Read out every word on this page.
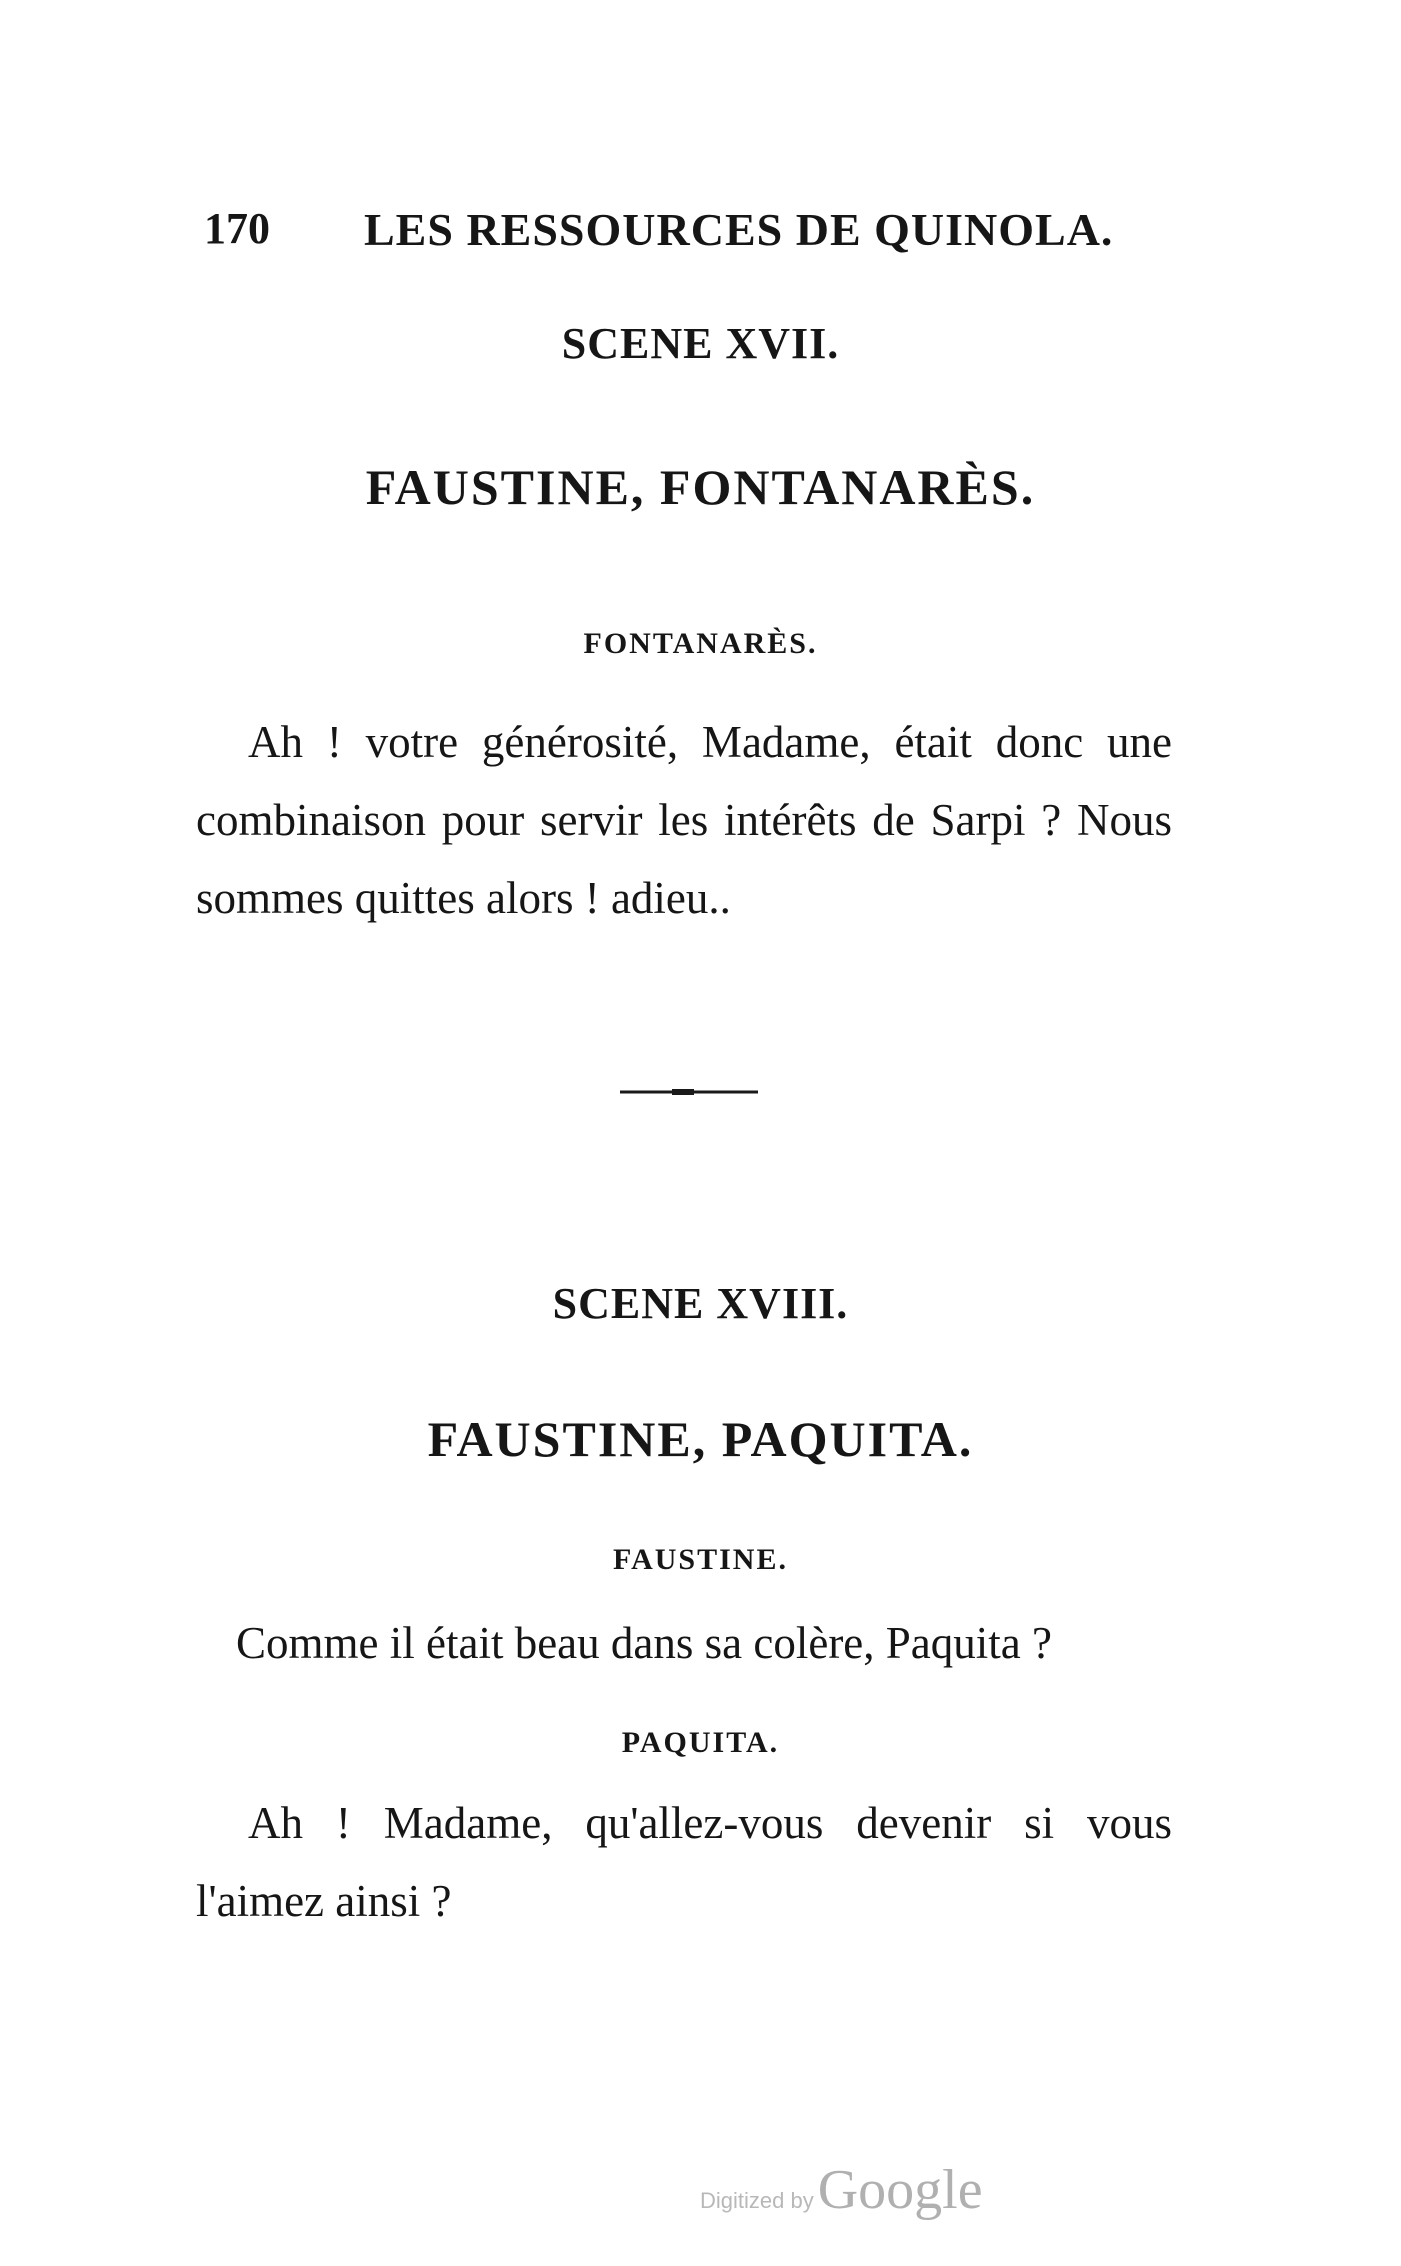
170 LES RESSOURCES DE QUINOLA.
SCENE XVII.
FAUSTINE, FONTANARÈS.
FONTANARÈS.
Ah ! votre générosité, Madame, était donc une combinaison pour servir les intérêts de Sarpi ? Nous sommes quittes alors ! adieu..
SCENE XVIII.
FAUSTINE, PAQUITA.
FAUSTINE.
Comme il était beau dans sa colère, Paquita ?
PAQUITA.
Ah ! Madame, qu'allez-vous devenir si vous l'aimez ainsi ?
Digitized by Google
